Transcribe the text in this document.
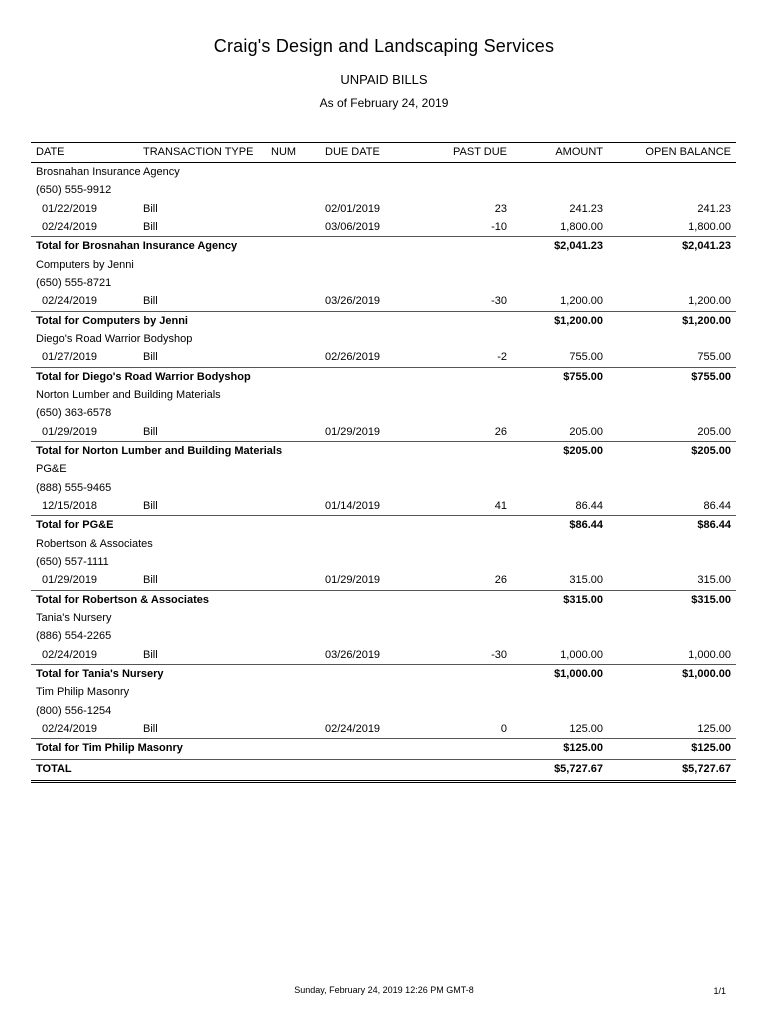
Craig's Design and Landscaping Services
UNPAID BILLS
As of February 24, 2019
DATE	TRANSACTION TYPE NUM	DUE DATE	PAST DUE	AMOUNT	OPEN BALANCE
Brosnahan Insurance Agency
(650) 555-9912
01/22/2019	Bill	02/01/2019	23	241.23	241.23
02/24/2019	Bill	03/06/2019	-10	1,800.00	1,800.00
Total for Brosnahan Insurance Agency	$2,041.23	$2,041.23
Computers by Jenni
(650) 555-8721
02/24/2019	Bill	03/26/2019	-30	1,200.00	1,200.00
Total for Computers by Jenni	$1,200.00	$1,200.00
Diego's Road Warrior Bodyshop
01/27/2019	Bill	02/26/2019	-2	755.00	755.00
Total for Diego's Road Warrior Bodyshop	$755.00	$755.00
Norton Lumber and Building Materials
(650) 363-6578
01/29/2019	Bill	01/29/2019	26	205.00	205.00
Total for Norton Lumber and Building Materials	$205.00	$205.00
PG&E
(888) 555-9465
12/15/2018	Bill	01/14/2019	41	86.44	86.44
Total for PG&E	$86.44	$86.44
Robertson & Associates
(650) 557-1111
01/29/2019	Bill	01/29/2019	26	315.00	315.00
Total for Robertson & Associates	$315.00	$315.00
Tania's Nursery
(886) 554-2265
02/24/2019	Bill	03/26/2019	-30	1,000.00	1,000.00
Total for Tania's Nursery	$1,000.00	$1,000.00
Tim Philip Masonry
(800) 556-1254
02/24/2019	Bill	02/24/2019	0	125.00	125.00
Total for Tim Philip Masonry	$125.00	$125.00
TOTAL	$5,727.67	$5,727.67
Sunday, February 24, 2019 12:26 PM GMT-8	1/1
